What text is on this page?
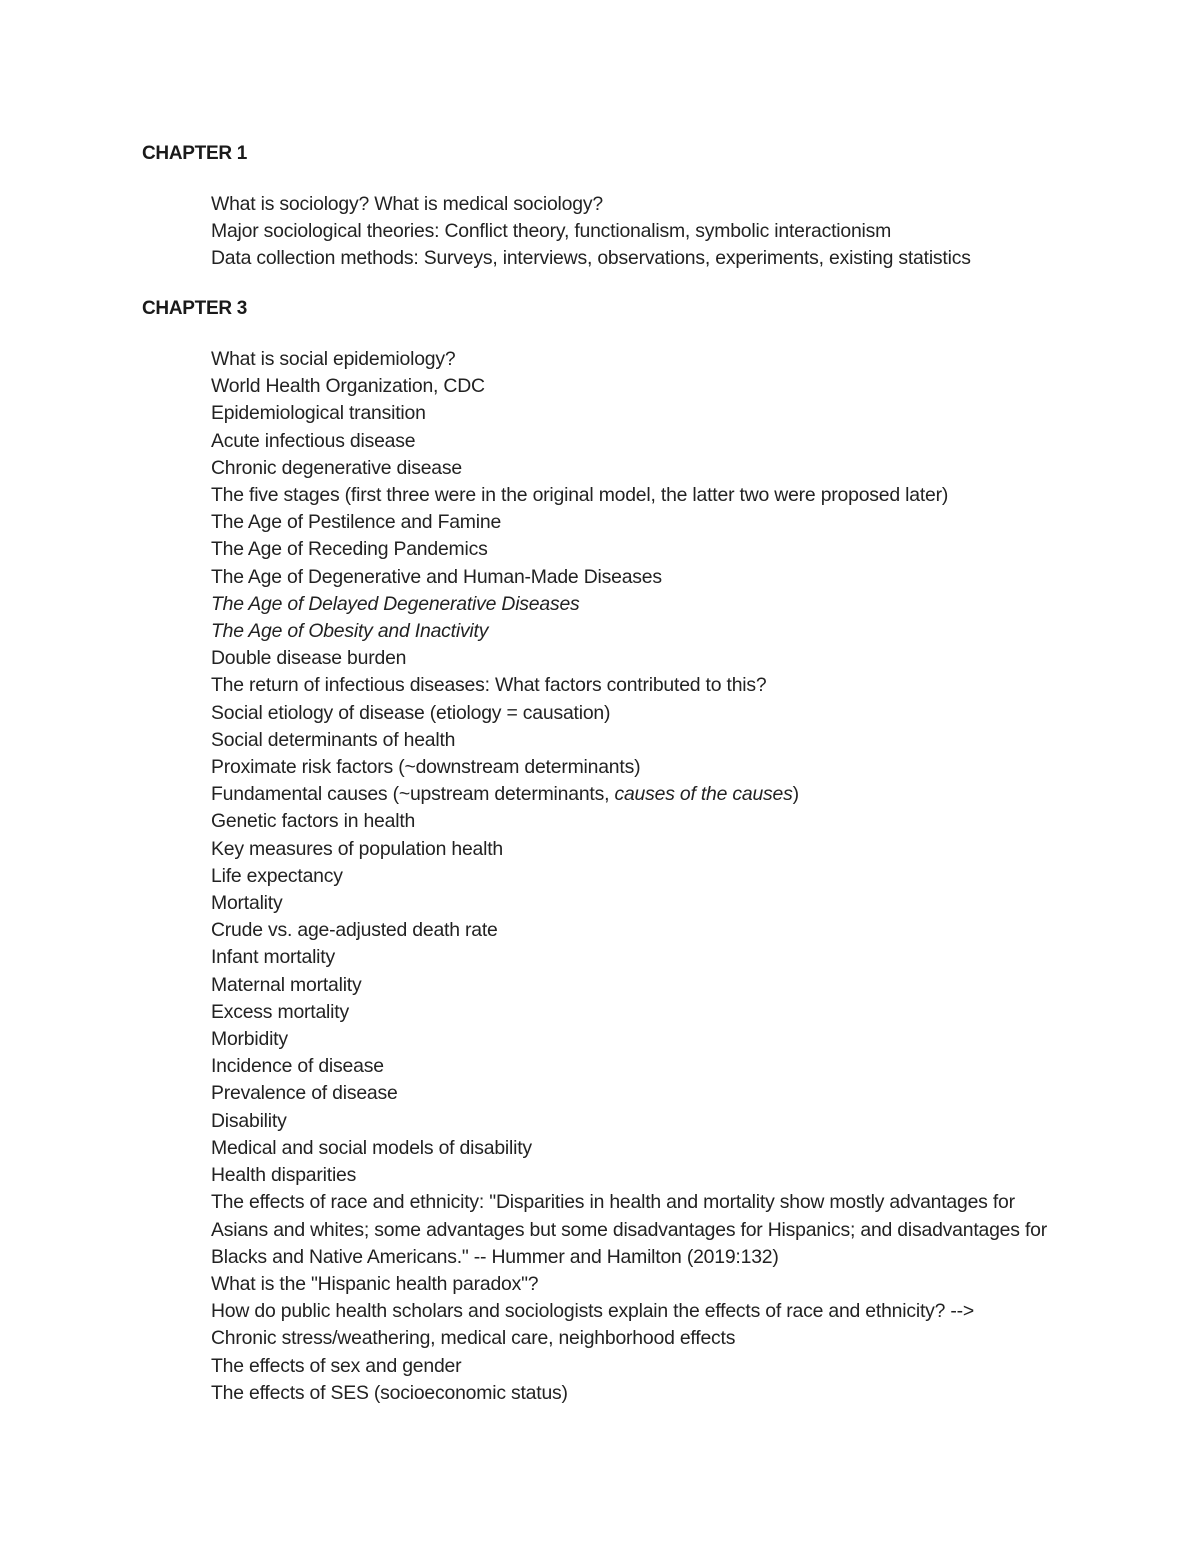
CHAPTER 1
What is sociology? What is medical sociology?
Major sociological theories: Conflict theory, functionalism, symbolic interactionism
Data collection methods: Surveys, interviews, observations, experiments, existing statistics
CHAPTER 3
What is social epidemiology?
World Health Organization, CDC
Epidemiological transition
Acute infectious disease
Chronic degenerative disease
The five stages (first three were in the original model, the latter two were proposed later)
The Age of Pestilence and Famine
The Age of Receding Pandemics
The Age of Degenerative and Human-Made Diseases
The Age of Delayed Degenerative Diseases
The Age of Obesity and Inactivity
Double disease burden
The return of infectious diseases: What factors contributed to this?
Social etiology of disease (etiology = causation)
Social determinants of health
Proximate risk factors (~downstream determinants)
Fundamental causes (~upstream determinants, causes of the causes)
Genetic factors in health
Key measures of population health
Life expectancy
Mortality
Crude vs. age-adjusted death rate
Infant mortality
Maternal mortality
Excess mortality
Morbidity
Incidence of disease
Prevalence of disease
Disability
Medical and social models of disability
Health disparities
The effects of race and ethnicity: "Disparities in health and mortality show mostly advantages for Asians and whites; some advantages but some disadvantages for Hispanics; and disadvantages for Blacks and Native Americans." -- Hummer and Hamilton (2019:132)
What is the "Hispanic health paradox"?
How do public health scholars and sociologists explain the effects of race and ethnicity? -->
Chronic stress/weathering, medical care, neighborhood effects
The effects of sex and gender
The effects of SES (socioeconomic status)
